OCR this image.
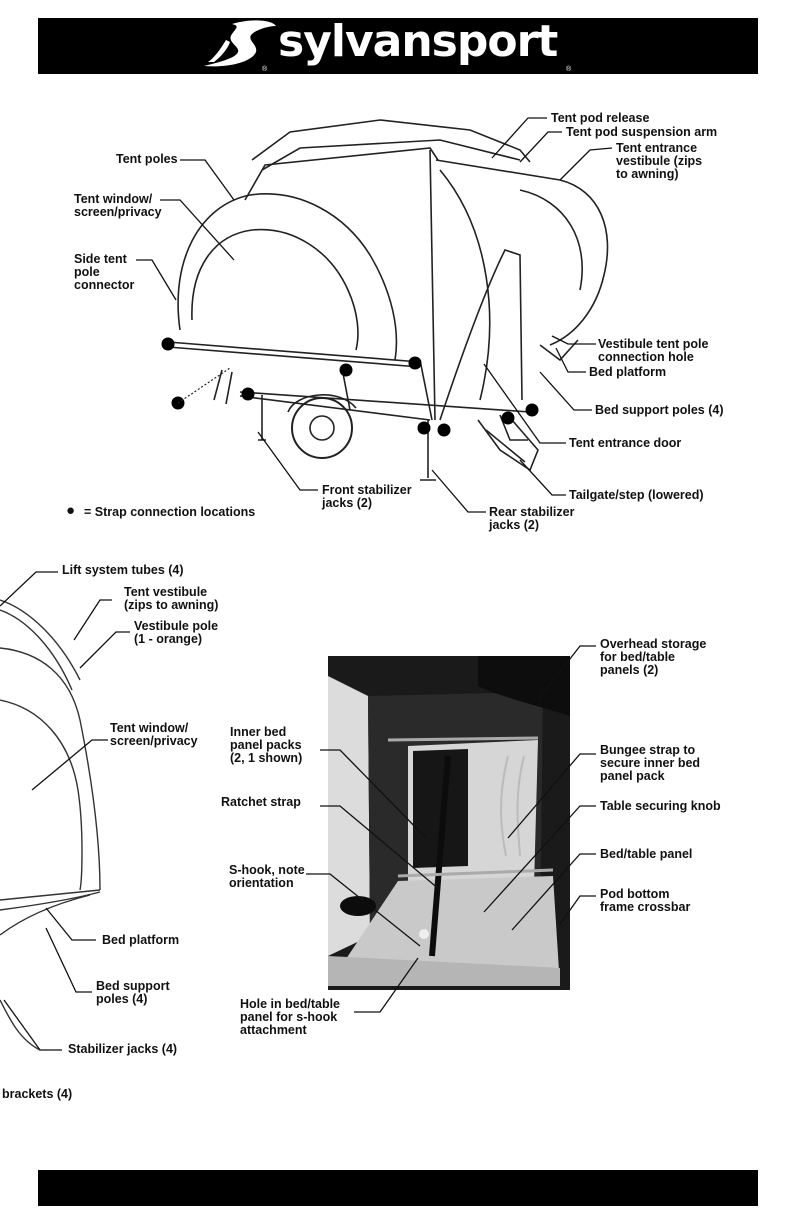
sylvansport
®	®
Tent pod release
Tent pod suspension arm
Tent entrance
vestibule (zips
to awning)
Tent poles
Tent window/
screen/privacy
Side tent
pole
connector
Vestibule tent pole
connection hole
Bed platform
Bed support poles (4)
Tent entrance door
Tailgate/step (lowered)
Front stabilizer
jacks (2)
Rear stabilizer
jacks (2)
● = Strap connection locations
Lift system tubes (4)
Tent vestibule
(zips to awning)
Vestibule pole
(1 - orange)
Tent window/
screen/privacy
Bed platform
Bed support
poles (4)
Stabilizer jacks (4)
brackets (4)
Overhead storage
for bed/table
panels (2)
Inner bed
panel packs
(2, 1 shown)
Bungee strap to
secure inner bed
panel pack
Ratchet strap	Table securing knob
S-hook, note
orientation
Bed/table panel
Pod bottom
frame crossbar
Hole in bed/table
panel for s-hook
attachment
